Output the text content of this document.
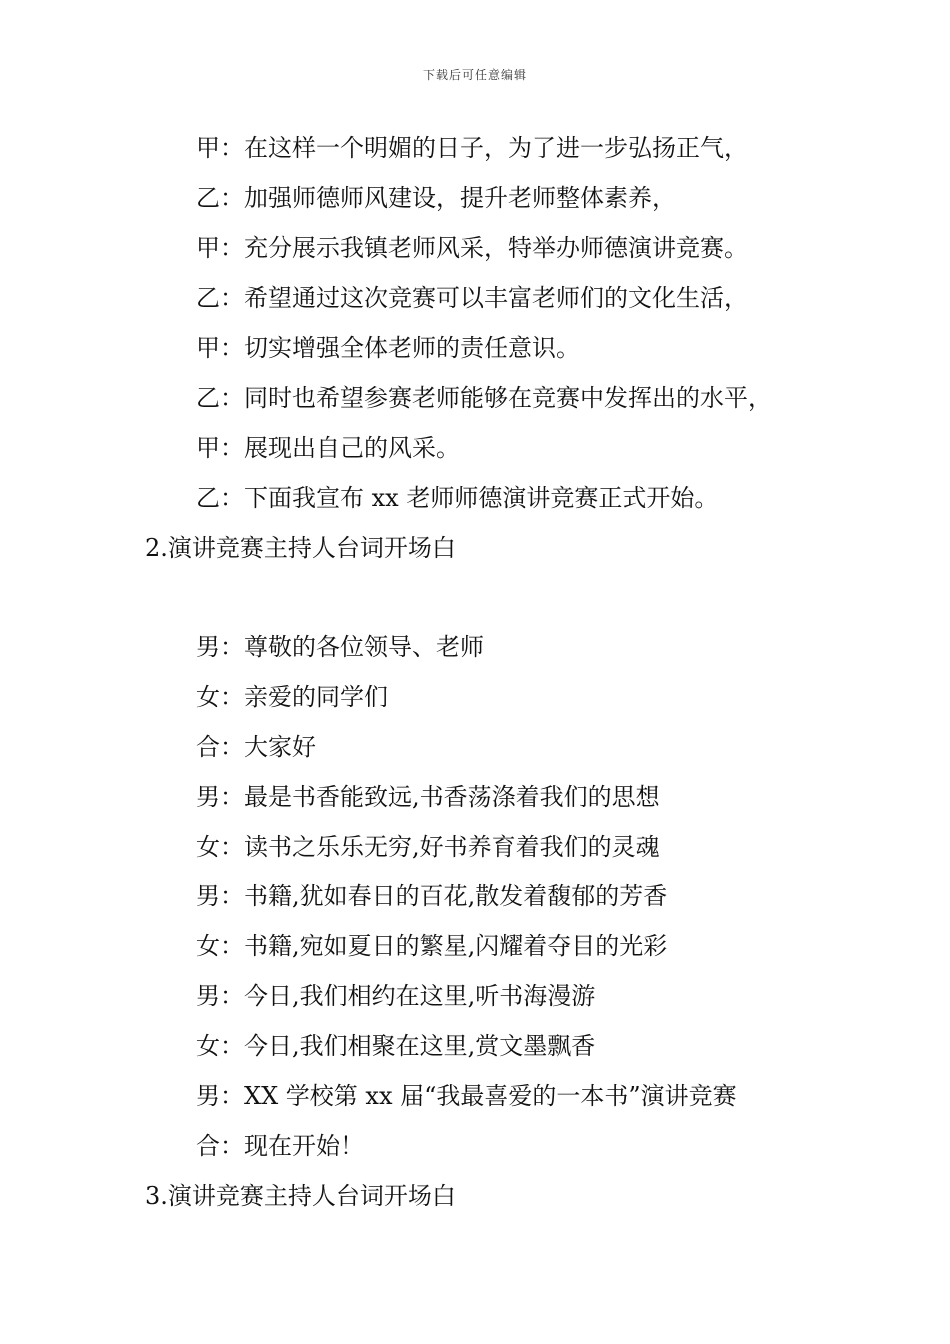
下载后可任意编辑
甲：在这样一个明媚的日子，为了进一步弘扬正气，
乙：加强师德师风建设，提升老师整体素养，
甲：充分展示我镇老师风采，特举办师德演讲竞赛。
乙：希望通过这次竞赛可以丰富老师们的文化生活，
甲：切实增强全体老师的责任意识。
乙：同时也希望参赛老师能够在竞赛中发挥出的水平，
甲：展现出自己的风采。
乙：下面我宣布 xx 老师师德演讲竞赛正式开始。
2.演讲竞赛主持人台词开场白
男：尊敬的各位领导、老师
女：亲爱的同学们
合：大家好
男：最是书香能致远,书香荡涤着我们的思想
女：读书之乐乐无穷,好书养育着我们的灵魂
男：书籍,犹如春日的百花,散发着馥郁的芳香
女：书籍,宛如夏日的繁星,闪耀着夺目的光彩
男：今日,我们相约在这里,听书海漫游
女：今日,我们相聚在这里,赏文墨飘香
男：XX 学校第 xx 届“我最喜爱的一本书”演讲竞赛
合：现在开始！
3.演讲竞赛主持人台词开场白
